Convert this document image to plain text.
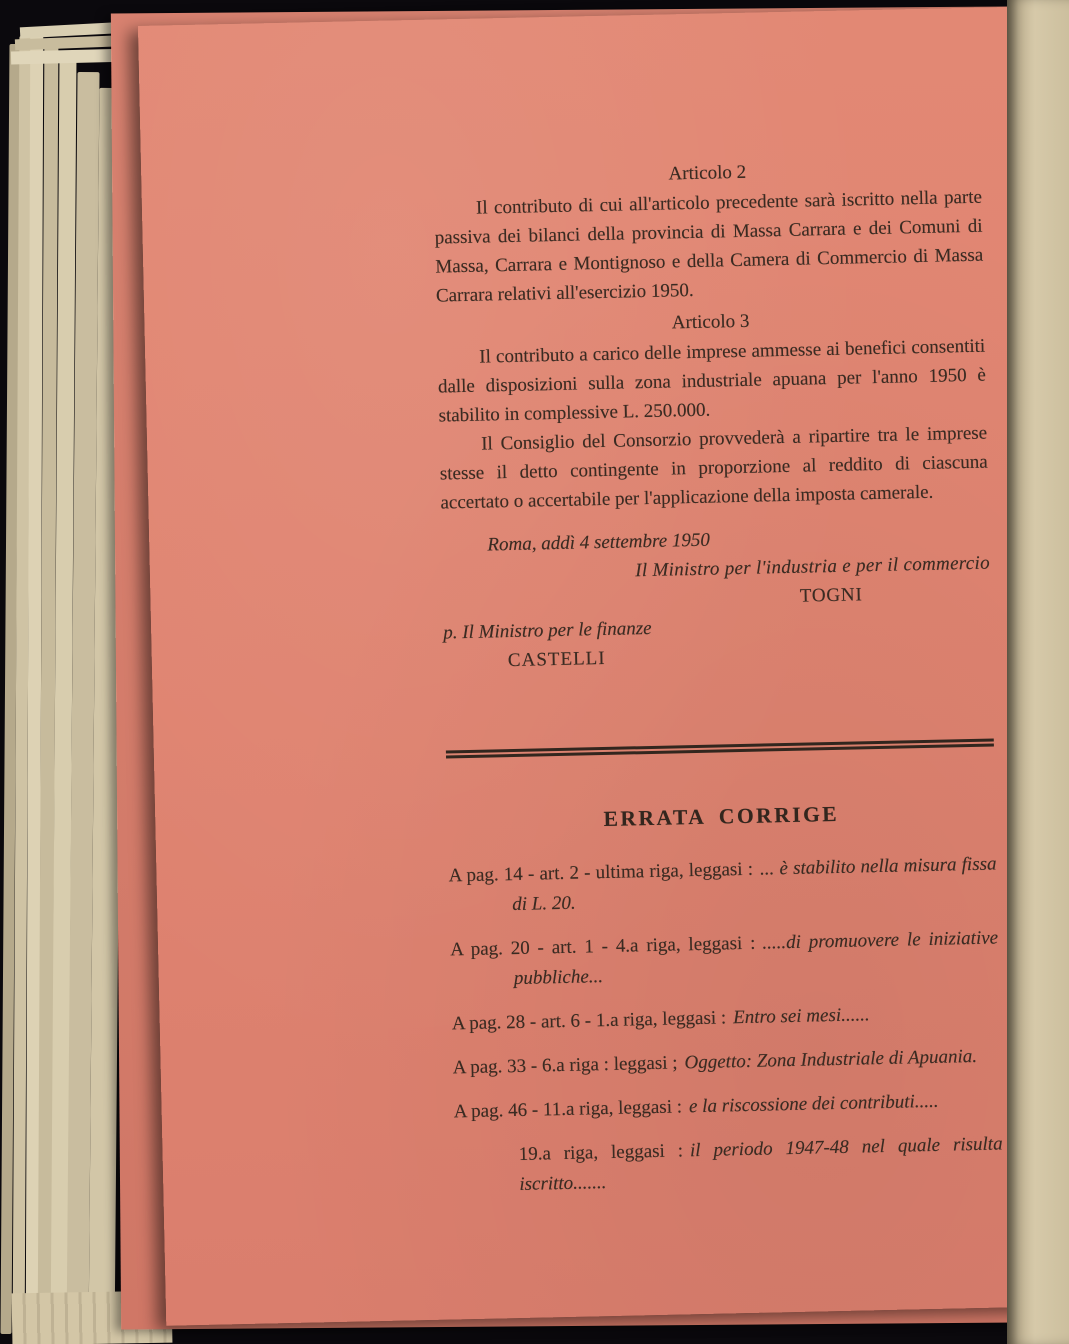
Articolo 2
Il contributo di cui all'articolo precedente sarà iscritto nella parte passiva dei bilanci della provincia di Massa Carrara e dei Comuni di Massa, Carrara e Montignoso e della Camera di Commercio di Massa Carrara relativi all'esercizio 1950.
Articolo 3
Il contributo a carico delle imprese ammesse ai benefici consentiti dalle disposizioni sulla zona industriale apuana per l'anno 1950 è stabilito in complessive L. 250.000.
Il Consiglio del Consorzio provvederà a ripartire tra le imprese stesse il detto contingente in proporzione al reddito di ciascuna accertato o accertabile per l'applicazione della imposta camerale.
Roma, addì 4 settembre 1950
Il Ministro per l'industria e per il commercio
TOGNI
p. Il Ministro per le finanze
CASTELLI
ERRATA CORRIGE
A pag. 14 - art. 2 - ultima riga, leggasi : ... è stabilito nella misura fissa di L. 20.
A pag. 20 - art. 1 - 4.a riga, leggasi : .....di promuovere le iniziative pubbliche...
A pag. 28 - art. 6 - 1.a riga, leggasi : Entro sei mesi......
A pag. 33 - 6.a riga : leggasi ; Oggetto: Zona Industriale di Apuania.
A pag. 46 - 11.a riga, leggasi : e la riscossione dei contributi.....
19.a riga, leggasi : il periodo 1947-48 nel quale risulta iscritto.......
